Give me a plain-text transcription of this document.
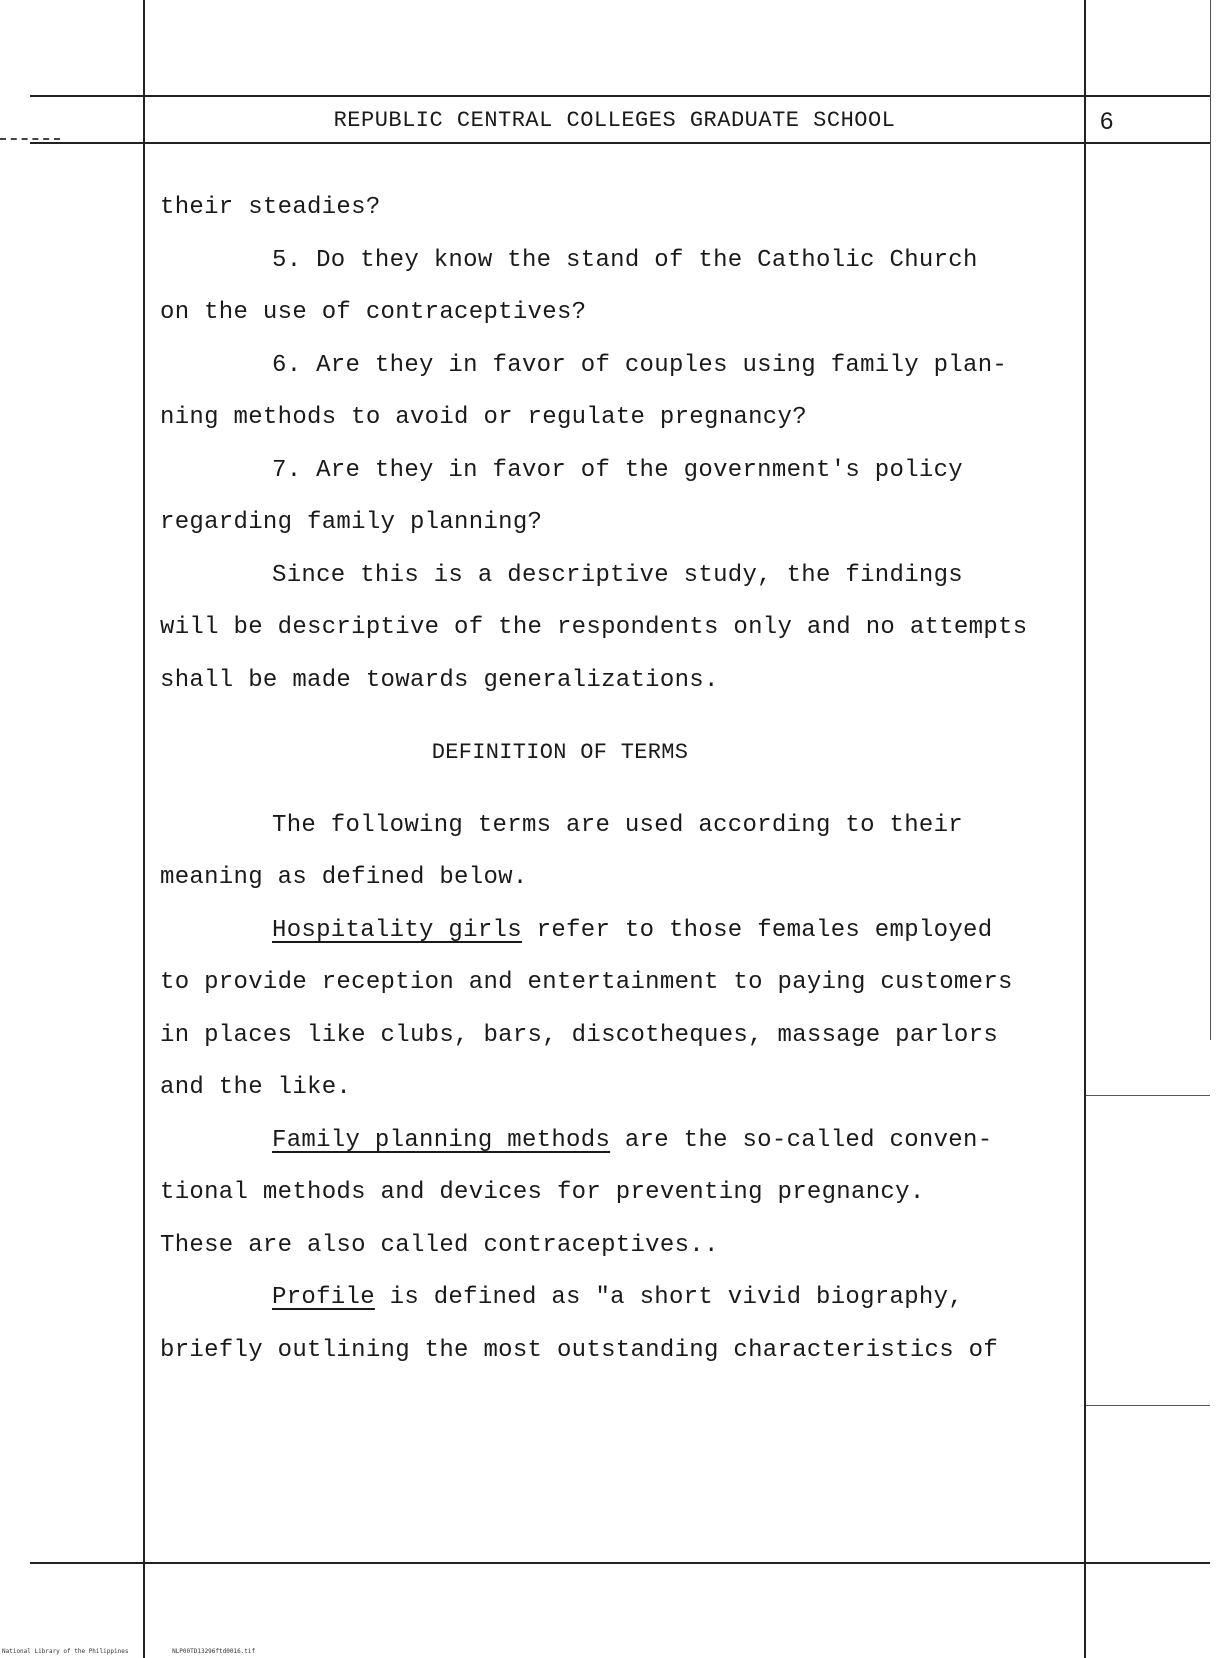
REPUBLIC CENTRAL COLLEGES GRADUATE SCHOOL	6
their steadies?
5. Do they know the stand of the Catholic Church
on the use of contraceptives?
6. Are they in favor of couples using family plan-
ning methods to avoid or regulate pregnancy?
7. Are they in favor of the government's policy
regarding family planning?
Since this is a descriptive study, the findings
will be descriptive of the respondents only and no attempts
shall be made towards generalizations.
DEFINITION OF TERMS
The following terms are used according to their
meaning as defined below.
Hospitality girls refer to those females employed
to provide reception and entertainment to paying customers
in places like clubs, bars, discotheques, massage parlors
and the like.
Family planning methods are the so-called conven-
tional methods and devices for preventing pregnancy.
These are also called contraceptives..
Profile is defined as "a short vivid biography,
briefly outlining the most outstanding characteristics of
National Library of the Philippines	NLP00TD13296ftd0016.tif
